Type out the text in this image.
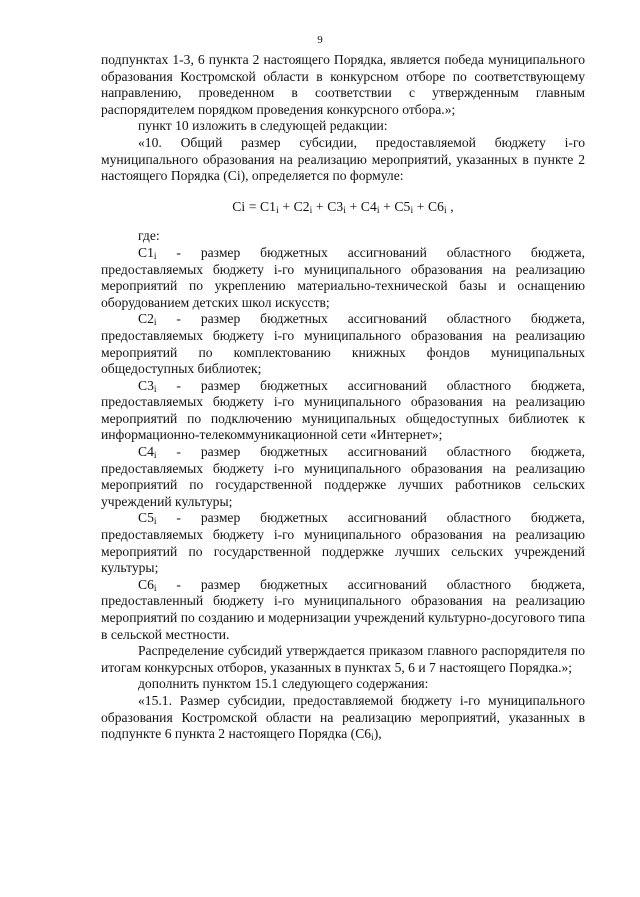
9

подпунктах 1-3, 6 пункта 2 настоящего Порядка, является победа муниципального образования Костромской области в конкурсном отборе по соответствующему направлению, проведенном в соответствии с утвержденным главным распорядителем порядком проведения конкурсного отбора.»;

пункт 10 изложить в следующей редакции:

«10. Общий размер субсидии, предоставляемой бюджету i-го муниципального образования на реализацию мероприятий, указанных в пункте 2 настоящего Порядка (Ci), определяется по формуле:

$Ci = C1_i + C2_i + C3_i + C4_i + C5_i + C6_i$ ,

где:

$C1_i$ - размер бюджетных ассигнований областного бюджета, предоставляемых бюджету i-го муниципального образования на реализацию мероприятий по укреплению материально-технической базы и оснащению оборудованием детских школ искусств;

$C2_i$ - размер бюджетных ассигнований областного бюджета, предоставляемых бюджету i-го муниципального образования на реализацию мероприятий по комплектованию книжных фондов муниципальных общедоступных библиотек;

$C3_i$ - размер бюджетных ассигнований областного бюджета, предоставляемых бюджету i-го муниципального образования на реализацию мероприятий по подключению муниципальных общедоступных библиотек к информационно-телекоммуникационной сети «Интернет»;

$C4_i$ - размер бюджетных ассигнований областного бюджета, предоставляемых бюджету i-го муниципального образования на реализацию мероприятий по государственной поддержке лучших работников сельских учреждений культуры;

$C5_i$ - размер бюджетных ассигнований областного бюджета, предоставляемых бюджету i-го муниципального образования на реализацию мероприятий по государственной поддержке лучших сельских учреждений культуры;

$C6_i$ - размер бюджетных ассигнований областного бюджета, предоставленный бюджету i-го муниципального образования на реализацию мероприятий по созданию и модернизации учреждений культурно-досугового типа в сельской местности.

Распределение субсидий утверждается приказом главного распорядителя по итогам конкурсных отборов, указанных в пунктах 5, 6 и 7 настоящего Порядка.»;

дополнить пунктом 15.1 следующего содержания:

«15.1. Размер субсидии, предоставляемой бюджету i-го муниципального образования Костромской области на реализацию мероприятий, указанных в подпункте 6 пункта 2 настоящего Порядка $(C6_i)$,
